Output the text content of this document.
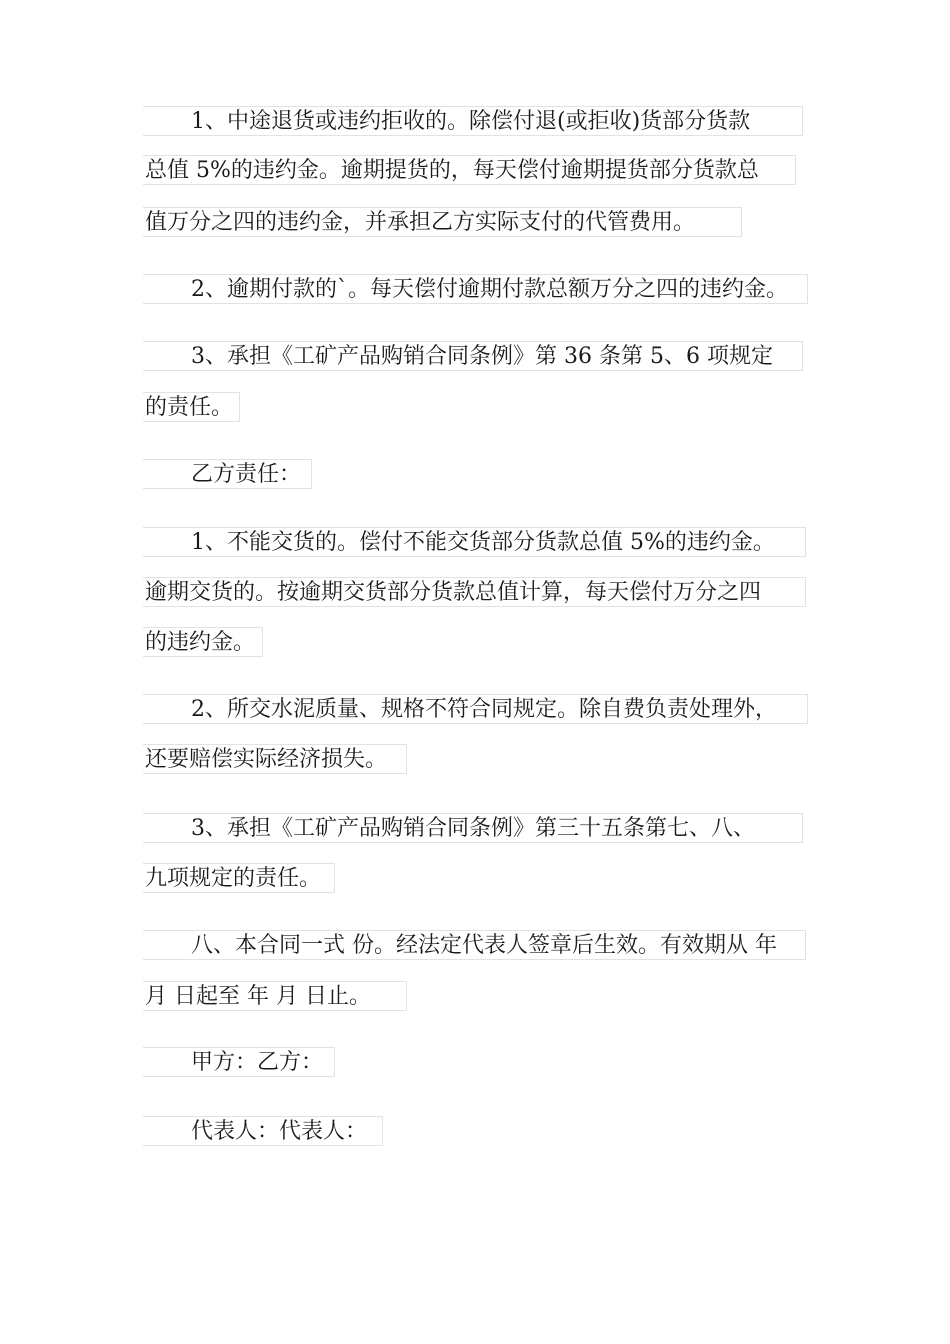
1、中途退货或违约拒收的。除偿付退(或拒收)货部分货款
总值 5%的违约金。逾期提货的，每天偿付逾期提货部分货款总
值万分之四的违约金，并承担乙方实际支付的代管费用。
2、逾期付款的`。每天偿付逾期付款总额万分之四的违约金。
3、承担《工矿产品购销合同条例》第 36 条第 5、6 项规定
的责任。
乙方责任：
1、不能交货的。偿付不能交货部分货款总值 5%的违约金。
逾期交货的。按逾期交货部分货款总值计算，每天偿付万分之四
的违约金。
2、所交水泥质量、规格不符合同规定。除自费负责处理外，
还要赔偿实际经济损失。
3、承担《工矿产品购销合同条例》第三十五条第七、八、
九项规定的责任。
八、本合同一式 份。经法定代表人签章后生效。有效期从 年
月 日起至 年 月 日止。
甲方：乙方：
代表人：代表人：
